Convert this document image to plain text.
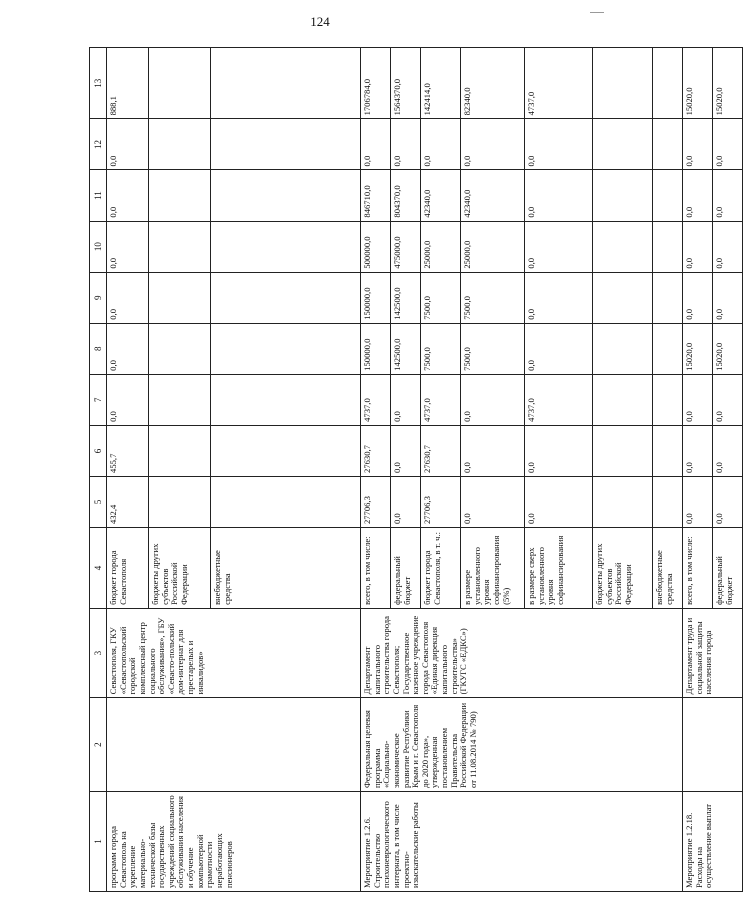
124
1	2	3	4	5	6	7	8	9	10	11	12	13
программ города Севастополь на укрепление материально-технической базы государственных учреждений социального обслуживания населения и обучение компьютерной грамотности неработающих пенсионеров		Севастополя, ГКУ «Севастопольский городской комплексный центр социального обслуживания», ГБУ «Севасто-польский дом-интернат для престарелых и инвалидов»	бюджет города Севастополя	432,4	455,7	0,0	0,0	0,0	0,0	0,0	0,0	888,1
			бюджеты других субъектов Российской Федерации									
			внебюджетные средства									
Мероприятие 1.2.6. Строительство психоневрологического интерната, в том числе проектно-изыскательские работы	Федеральная целевая программа «Социально-экономическое развитие Республики Крым и г. Севастополя до 2020 года», утвержденная постановлением Правительства Российской Федерации от 11.08.2014 № 790)	Департамент капитального строительства города Севастополя; Государственное казенное учреждение города Севастополя «Единая дирекция капитального строительства» (ГКУГС «ЕДКС»)	всего, в том числе:	27706,3	27630,7	4737,0	150000,0	150000,0	500000,0	846710,0	0,0	1706784,0
			федеральный бюджет	0,0	0,0	0,0	142500,0	142500,0	475000,0	804370,0	0,0	1564370,0
			бюджет города Севастополя, в т. ч.:	27706,3	27630,7	4737,0	7500,0	7500,0	25000,0	42340,0	0,0	142414,0
			в размере установленного уровня софинансирования (5%)	0,0	0,0	0,0	7500,0	7500,0	25000,0	42340,0	0,0	82340,0
			в размере сверх установленного уровня софинансирования	0,0	0,0	4737,0	0,0	0,0	0,0	0,0	0,0	4737,0
			бюджеты других субъектов Российской Федерации									
			внебюджетные средства									
Мероприятие 1.2.18. Расходы на осуществление выплат		Департамент труда и социальной защиты населения города	всего, в том числе:	0,0	0,0	0,0	15020,0	0,0	0,0	0,0	0,0	15020,0
			федеральный бюджет	0,0	0,0	0,0	15020,0	0,0	0,0	0,0	0,0	15020,0
